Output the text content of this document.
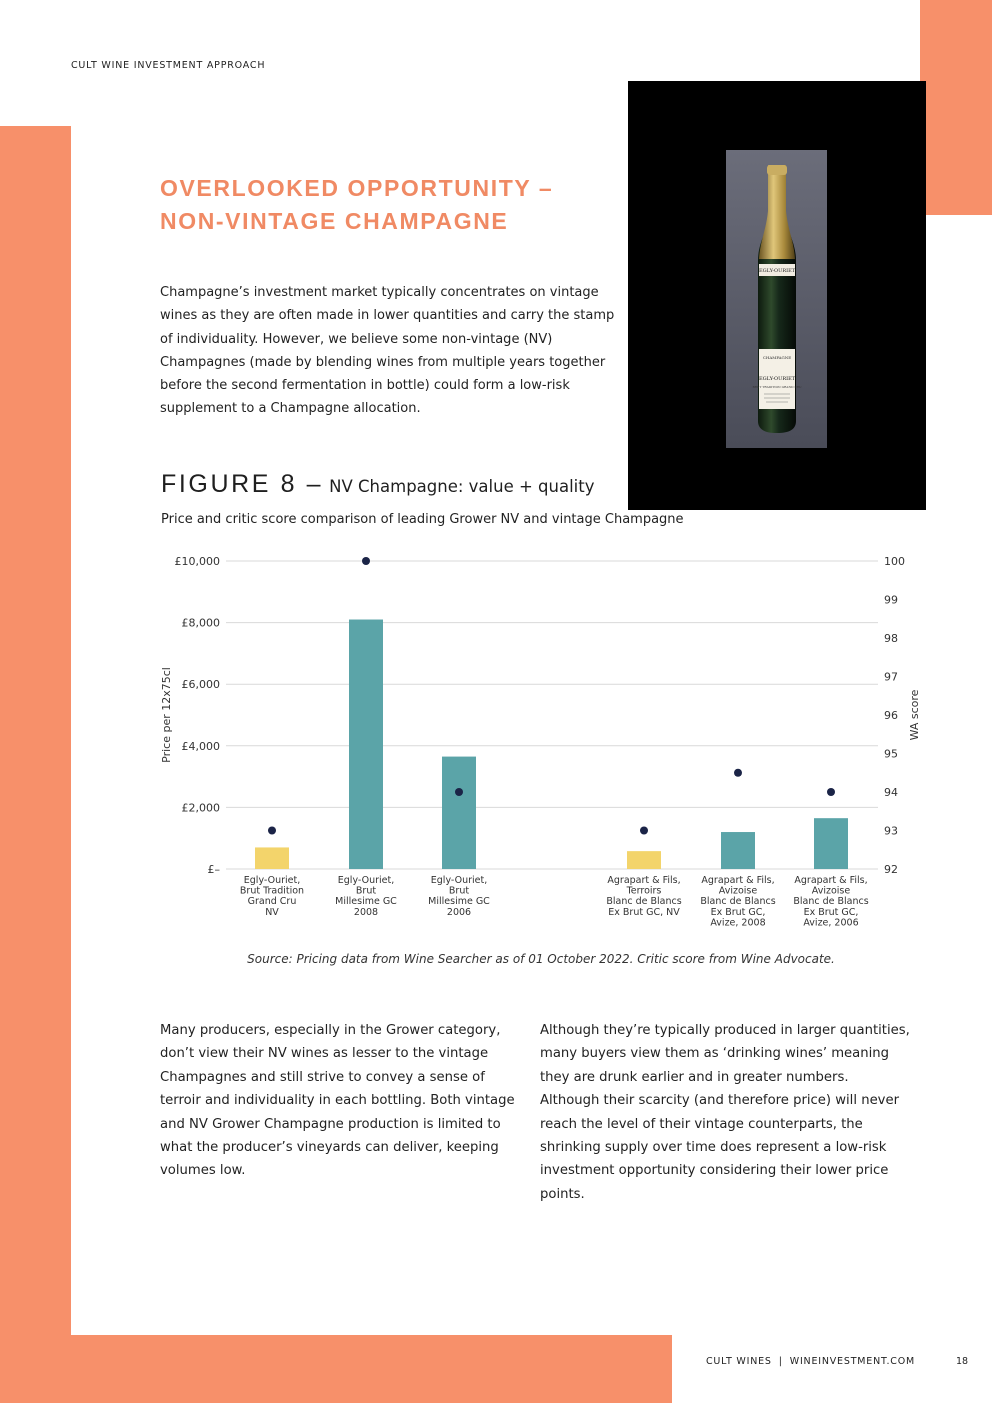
CULT WINE INVESTMENT APPROACH
OVERLOOKED OPPORTUNITY –
NON-VINTAGE CHAMPAGNE
Champagne’s investment market typically concentrates on vintage wines as they are often made in lower quantities and carry the stamp of individuality. However, we believe some non-vintage (NV) Champagnes (made by blending wines from multiple years together before the second fermentation in bottle) could form a low-risk supplement to a Champagne allocation.
EGLY-OURIET
CHAMPAGNE
EGLY-OURIET
BRUT TRADITION GRAND CRU
FIGURE 8 – NV Champagne: value + quality
Price and critic score comparison of leading Grower NV and vintage Champagne
£–
£2,000
£4,000
£6,000
£8,000
£10,000
92
93
94
95
96
97
98
99
100
Price per 12x75cl	WA score
Egly-Ouriet, Brut Tradition Grand Cru NV
Egly-Ouriet, Brut Millesime GC 2008
Egly-Ouriet, Brut Millesime GC 2006
Agrapart & Fils, Terroirs Blanc de Blancs Ex Brut GC, NV
Agrapart & Fils, Avizoise Blanc de Blancs Ex Brut GC, Avize, 2008
Agrapart & Fils, Avizoise Blanc de Blancs Ex Brut GC, Avize, 2006
Source: Pricing data from Wine Searcher as of 01 October 2022. Critic score from Wine Advocate.
Many producers, especially in the Grower category, don’t view their NV wines as lesser to the vintage Champagnes and still strive to convey a sense of terroir and individuality in each bottling. Both vintage and NV Grower Champagne production is limited to what the producer’s vineyards can deliver, keeping volumes low.
Although they’re typically produced in larger quantities, many buyers view them as ‘drinking wines’ meaning they are drunk earlier and in greater numbers. Although their scarcity (and therefore price) will never reach the level of their vintage counterparts, the shrinking supply over time does represent a low-risk investment opportunity considering their lower price points.
CULT WINES | WINEINVESTMENT.COM	18
